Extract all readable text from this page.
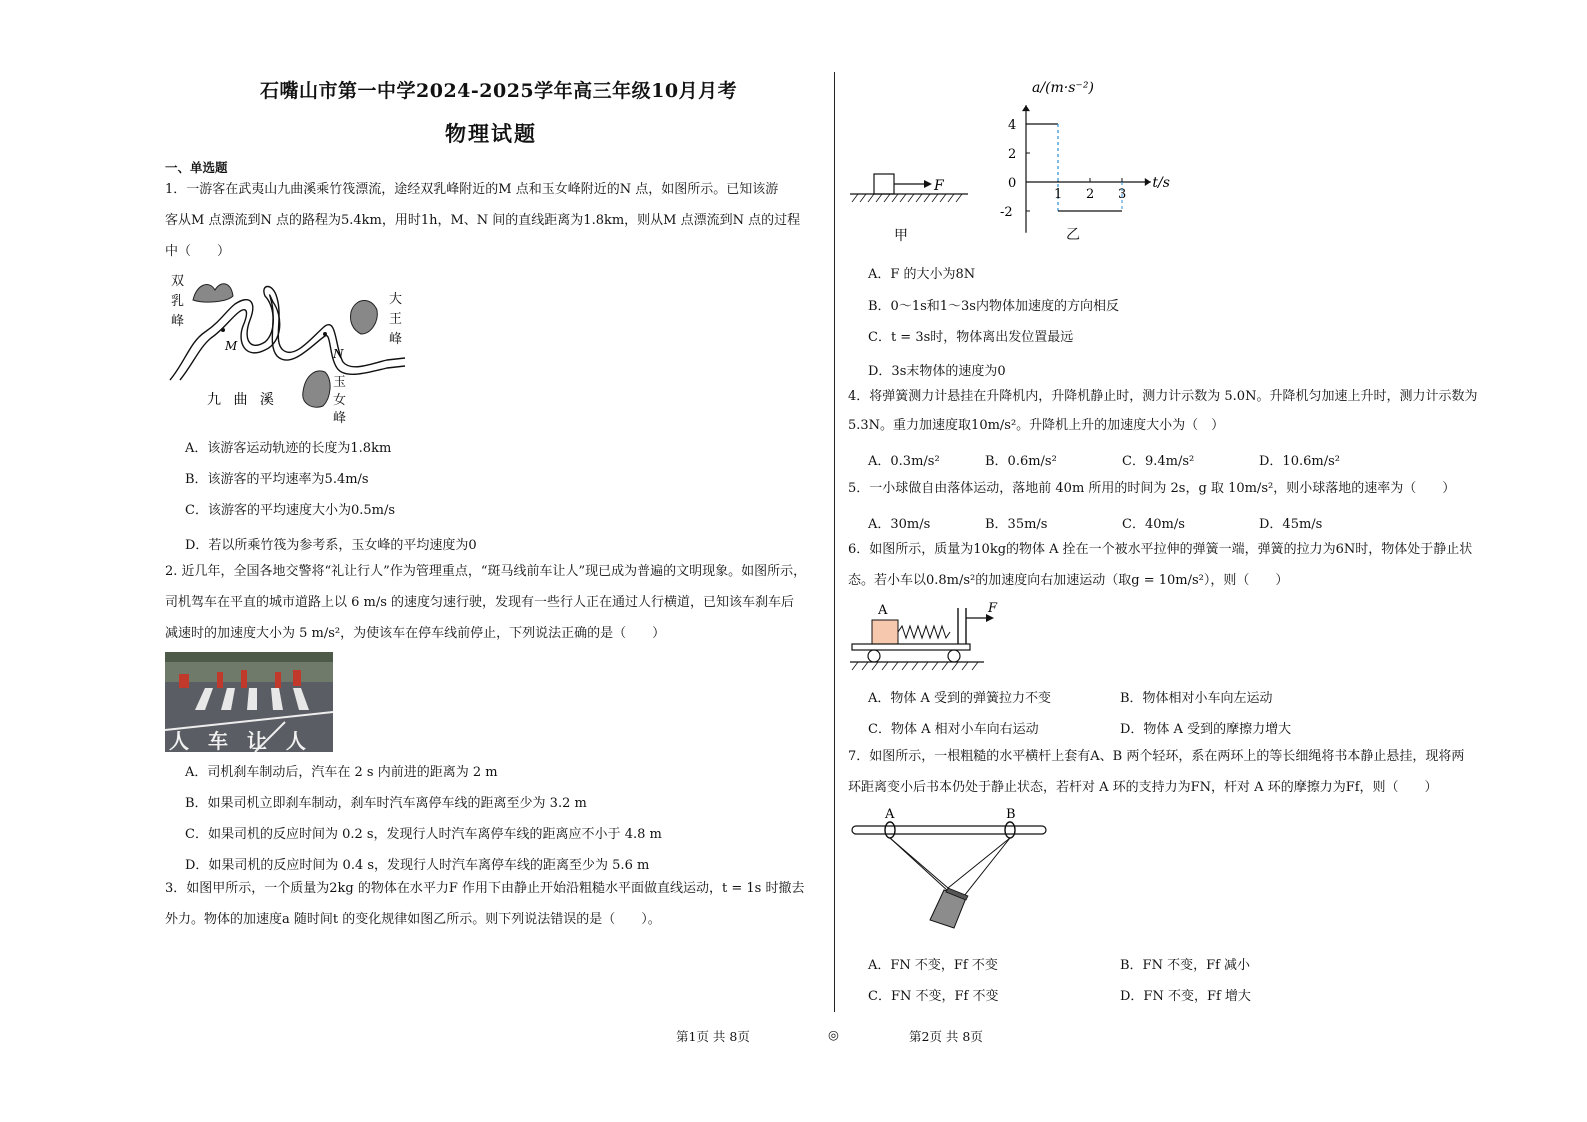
石嘴山市第一中学2024-2025学年高三年级10月月考
物理试题
一、单选题
1．一游客在武夷山九曲溪乘竹筏漂流，途经双乳峰附近的M 点和玉女峰附近的N 点，如图所示。已知该游
客从M 点漂流到N 点的路程为5.4km，用时1h，M、N 间的直线距离为1.8km，则从M 点漂流到N 点的过程
中（　　）
M
N
九 曲 溪
双乳峰
大王峰
玉女峰
A．该游客运动轨迹的长度为1.8km
B．该游客的平均速率为5.4m/s
C．该游客的平均速度大小为0.5m/s
D．若以所乘竹筏为参考系，玉女峰的平均速度为0
2. 近几年，全国各地交警将“礼让行人”作为管理重点，“斑马线前车让人”现已成为普遍的文明现象。如图所示，
司机驾车在平直的城市道路上以 6 m/s 的速度匀速行驶，发现有一些行人正在通过人行横道，已知该车刹车后
减速时的加速度大小为 5 m/s²，为使该车在停车线前停止，下列说法正确的是（　　）
人 车 让 人
A．司机刹车制动后，汽车在 2 s 内前进的距离为 2 m
B．如果司机立即刹车制动，刹车时汽车离停车线的距离至少为 3.2 m
C．如果司机的反应时间为 0.2 s，发现行人时汽车离停车线的距离应不小于 4.8 m
D．如果司机的反应时间为 0.4 s，发现行人时汽车离停车线的距离至少为 5.6 m
3．如图甲所示，一个质量为2kg 的物体在水平力F 作用下由静止开始沿粗糙水平面做直线运动，t = 1s 时撤去
外力。物体的加速度a 随时间t 的变化规律如图乙所示。则下列说法错误的是（　　）。
F
甲
4
2
0
-2
1 2 3
a/(m·s⁻²)
t/s
乙
A．F 的大小为8N
B．0～1s和1～3s内物体加速度的方向相反
C．t = 3s时，物体离出发位置最远
D．3s末物体的速度为0
4．将弹簧测力计悬挂在升降机内，升降机静止时，测力计示数为 5.0N。升降机匀加速上升时，测力计示数为
5.3N。重力加速度取10m/s²。升降机上升的加速度大小为（　）
A．0.3m/s²	B．0.6m/s²	C．9.4m/s²	D．10.6m/s²
5．一小球做自由落体运动，落地前 40m 所用的时间为 2s，g 取 10m/s²，则小球落地的速率为（　　）
A．30m/s	B．35m/s	C．40m/s	D．45m/s
6．如图所示，质量为10kg的物体 A 拴在一个被水平拉伸的弹簧一端，弹簧的拉力为6N时，物体处于静止状
态。若小车以0.8m/s²的加速度向右加速运动（取g = 10m/s²），则（　　）
A	F
A．物体 A 受到的弹簧拉力不变	B．物体相对小车向左运动
C．物体 A 相对小车向右运动	D．物体 A 受到的摩擦力增大
7．如图所示，一根粗糙的水平横杆上套有A、B 两个轻环，系在两环上的等长细绳将书本静止悬挂，现将两
环距离变小后书本仍处于静止状态，若杆对 A 环的支持力为FN，杆对 A 环的摩擦力为Ff，则（　　）
A	B
A．FN 不变，Ff 不变	B．FN 不变，Ff 减小
C．FN 不变，Ff 不变	D．FN 不变，Ff 增大
第1页 共 8页	◎	第2页 共 8页
